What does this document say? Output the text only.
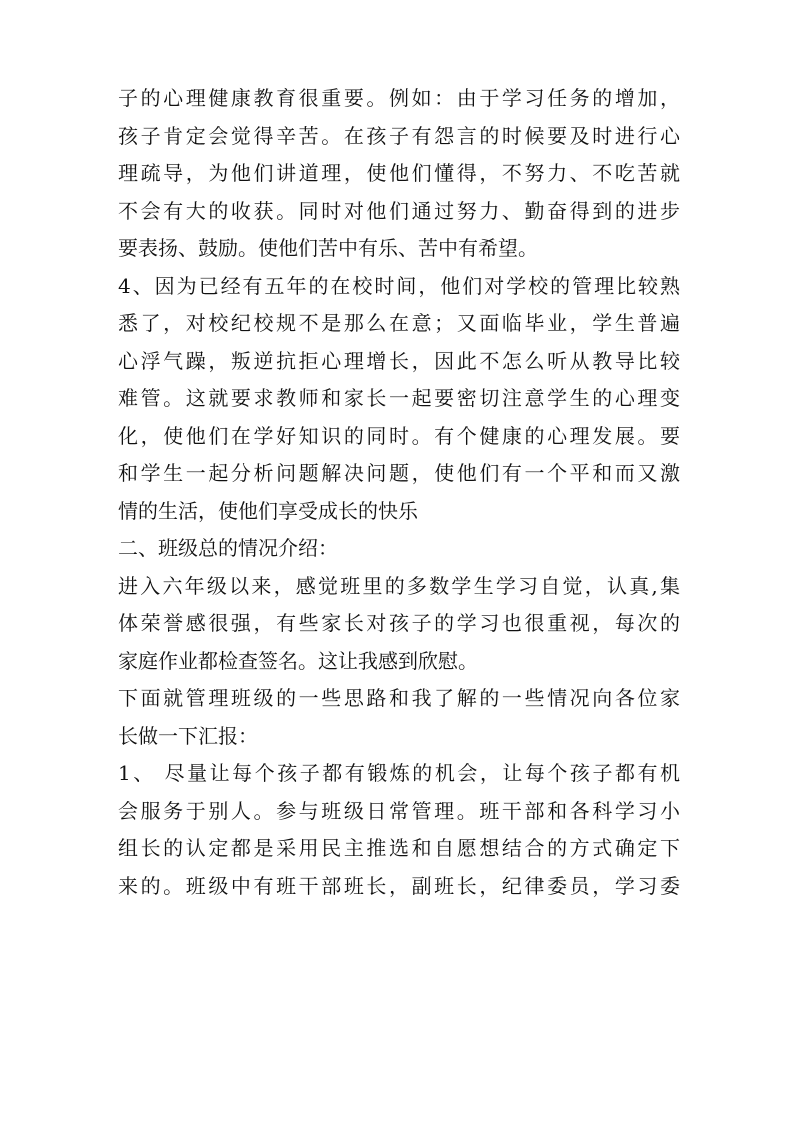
子的心理健康教育很重要。例如：由于学习任务的增加，
孩子肯定会觉得辛苦。在孩子有怨言的时候要及时进行心
理疏导，为他们讲道理，使他们懂得，不努力、不吃苦就
不会有大的收获。同时对他们通过努力、勤奋得到的进步
要表扬、鼓励。使他们苦中有乐、苦中有希望。
4、因为已经有五年的在校时间，他们对学校的管理比较熟
悉了，对校纪校规不是那么在意；又面临毕业，学生普遍
心浮气躁，叛逆抗拒心理增长，因此不怎么听从教导比较
难管。这就要求教师和家长一起要密切注意学生的心理变
化，使他们在学好知识的同时。有个健康的心理发展。要
和学生一起分析问题解决问题，使他们有一个平和而又激
情的生活，使他们享受成长的快乐
二、班级总的情况介绍：
进入六年级以来，感觉班里的多数学生学习自觉，认真,集
体荣誉感很强，有些家长对孩子的学习也很重视，每次的
家庭作业都检查签名。这让我感到欣慰。
下面就管理班级的一些思路和我了解的一些情况向各位家
长做一下汇报：
1、 尽量让每个孩子都有锻炼的机会，让每个孩子都有机
会服务于别人。参与班级日常管理。班干部和各科学习小
组长的认定都是采用民主推选和自愿想结合的方式确定下
来的。班级中有班干部班长，副班长，纪律委员，学习委
